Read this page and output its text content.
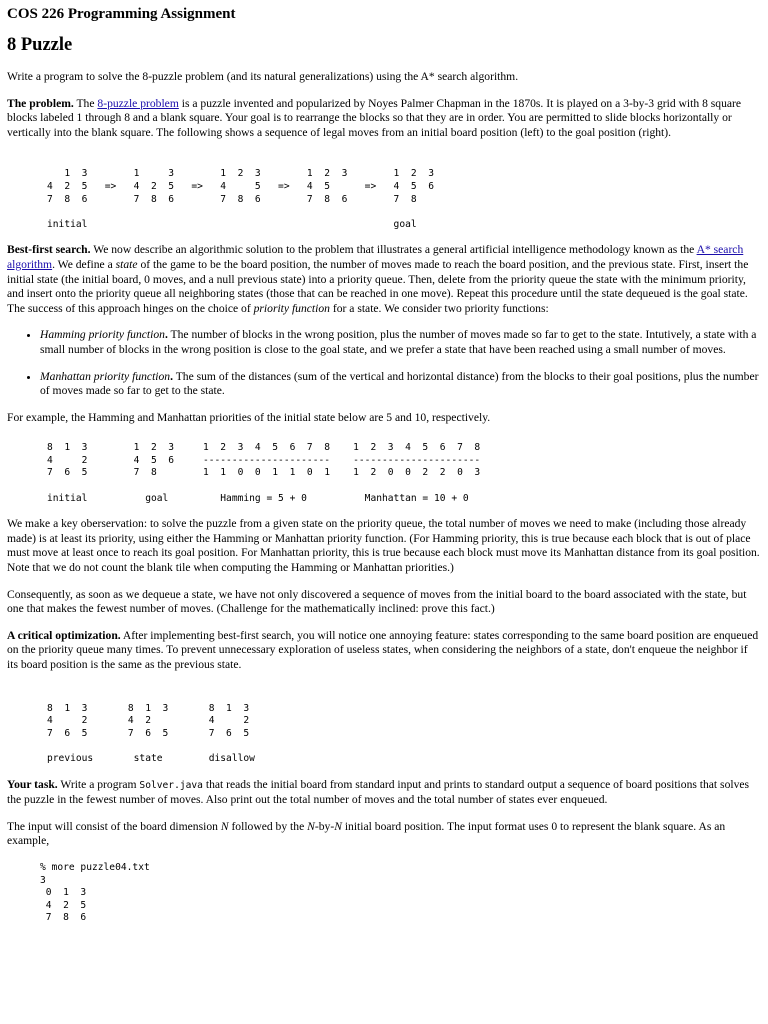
COS 226 Programming Assignment
8 Puzzle

Write a program to solve the 8-puzzle problem (and its natural generalizations) using the A* search algorithm.

The problem. The 8-puzzle problem is a puzzle invented and popularized by Noyes Palmer Chapman in the 1870s. It is played on a 3-by-3 grid with 8 square blocks labeled 1 through 8 and a blank square. Your goal is to rearrange the blocks so that they are in order. You are permitted to slide blocks horizontally or vertically into the blank square. The following shows a sequence of legal moves from an initial board position (left) to the goal position (right).

1  3        1     3        1  2  3        1  2  3        1  2  3
4  2  5   =>   4  2  5   =>   4     5   =>   4  5      =>   4  5  6
7  8  6        7  8  6        7  8  6        7  8  6        7  8

initial                                                     goal

Best-first search. We now describe an algorithmic solution to the problem that illustrates a general artificial intelligence methodology known as the A* search algorithm. We define a state of the game to be the board position, the number of moves made to reach the board position, and the previous state. First, insert the initial state (the initial board, 0 moves, and a null previous state) into a priority queue. Then, delete from the priority queue the state with the minimum priority, and insert onto the priority queue all neighboring states (those that can be reached in one move). Repeat this procedure until the state dequeued is the goal state. The success of this approach hinges on the choice of priority function for a state. We consider two priority functions:

• Hamming priority function. The number of blocks in the wrong position, plus the number of moves made so far to get to the state. Intutively, a state with a small number of blocks in the wrong position is close to the goal state, and we prefer a state that have been reached using a small number of moves.
• Manhattan priority function. The sum of the distances (sum of the vertical and horizontal distance) from the blocks to their goal positions, plus the number of moves made so far to get to the state.

For example, the Hamming and Manhattan priorities of the initial state below are 5 and 10, respectively.

8  1  3        1  2  3     1  2  3  4  5  6  7  8    1  2  3  4  5  6  7  8
4     2        4  5  6     ----------------------    ----------------------
7  6  5        7  8        1  1  0  0  1  1  0  1    1  2  0  0  2  2  0  3

initial          goal         Hamming = 5 + 0          Manhattan = 10 + 0

We make a key oberservation: to solve the puzzle from a given state on the priority queue, the total number of moves we need to make (including those already made) is at least its priority, using either the Hamming or Manhattan priority function. (For Hamming priority, this is true because each block that is out of place must move at least once to reach its goal position. For Manhattan priority, this is true because each block must move its Manhattan distance from its goal position. Note that we do not count the blank tile when computing the Hamming or Manhattan priorities.)

Consequently, as soon as we dequeue a state, we have not only discovered a sequence of moves from the initial board to the board associated with the state, but one that makes the fewest number of moves. (Challenge for the mathematically inclined: prove this fact.)

A critical optimization. After implementing best-first search, you will notice one annoying feature: states corresponding to the same board position are enqueued on the priority queue many times. To prevent unnecessary exploration of useless states, when considering the neighbors of a state, don't enqueue the neighbor if its board position is the same as the previous state.

8  1  3       8  1  3       8  1  3
4     2       4  2          4     2
7  6  5       7  6  5       7  6  5

previous       state        disallow

Your task. Write a program Solver.java that reads the initial board from standard input and prints to standard output a sequence of board positions that solves the puzzle in the fewest number of moves. Also print out the total number of moves and the total number of states ever enqueued.

The input will consist of the board dimension N followed by the N-by-N initial board position. The input format uses 0 to represent the blank square. As an example,

% more puzzle04.txt
3
0  1  3
4  2  5
7  8  6
